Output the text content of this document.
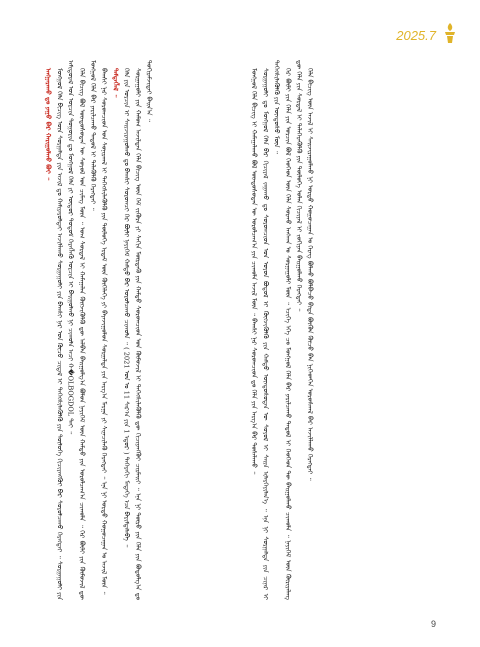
2025.7

ᠠᠩᠭ᠋ᠠᠷᠠᠬᠤ ᠳᠤ ᠶᠠᠭᠤ ᠪᠠᠷ ᠬᠠᠷᠢᠭᠤᠯᠬᠤ ᠪᠤᠢ ᠃ ᠮᠣᠩᠭᠣᠯ ᠬᠡᠯᠡ ᠪᠢᠴᠢᠭ᠌ ᠦᠨ ᠰᠤᠷᠭᠠᠯᠳᠠ ᠶᠢᠨ ᠠᠵᠢᠯ ᠳᠤ ᠬᠠᠮᠢᠶᠠᠷᠤᠯᠲᠠᠢ ᠠᠵᠢᠯᠯᠠᠬᠤ ᠰᠤᠷᠭᠠᠭᠤᠯᠢ ᠶᠢᠨ ᠪᠠᠭᠰᠢ ᠨᠠᠷ ᠤᠨ ᠬᠦᠴᠦ ᠴᠢᠳᠠᠯ ᠢ ᠳᠡᠭᠡᠭᠰᠢᠯᠡᠭᠦᠯᠬᠦ ᠶᠢᠨ ᠲᠥᠯᠥᠭᠡ ᠬᠢᠴᠢᠶᠡᠩᠭᠦᠢ ᠪᠠᠷ ᠰᠤᠷᠤᠯᠴᠠᠬᠤ ᠬᠡᠷᠡᠭᠲᠡᠢ ᠃ ᠰᠤᠷᠭᠠᠭᠤᠯᠢ ᠶᠢᠨ ᠠᠮᠢᠳᠤᠷᠠᠯ ᠤᠨ ᠣᠷᠴᠢᠨ ᠲᠣᠭᠣᠷᠢᠨ ᠳᠤ ᠮᠣᠩᠭᠣᠯ ᠬᠡᠯᠡ ᠶᠢ ᠥᠳᠦᠷ ᠲᠤᠲᠤᠮ ᠬᠡᠷᠡᠭᠯᠡᠬᠦ ᠣᠷᠴᠢᠨ ᠢ ᠪᠠᠢᠭᠤᠯᠬᠤ ᠨᠢ ᠴᠢᠬᠤᠯᠠ ᠠᠴᠢ ᠬ�OLBOGDOL ᠲᠠᠢ ᠃ ᠬᠡᠯᠡ ᠪᠢᠴᠢᠭ᠌ ᠪᠣᠯ ᠦᠨᠳᠦᠰᠦᠲᠡᠨ ᠦ ᠰᠣᠶᠣᠯ ᠤᠨ ᠴᠢᠮᠡᠭ ᠮᠥᠨ ᠃ ᠤᠭ ᠰᠤᠷᠲᠠᠯ ᠢ ᠬᠠᠮᠠᠭᠠᠯᠠᠨ ᠬᠥᠭᠵᠢᠭᠦᠯᠬᠦ ᠳᠦ ᠠᠯᠪᠠᠨ ᠪᠠᠢᠭᠤᠯᠭ᠎ᠠ ᠪᠤᠯᠤᠨ ᠨᠡᠶᠢᠭᠡᠮ ᠦᠨ ᠬᠠᠮᠲᠤ ᠶᠢᠨ ᠣᠷᠤᠯᠴᠠᠭ᠎ᠠ ᠴᠢᠬᠤᠯᠠ ᠃ ᠭᠡᠷ ᠪᠦᠯᠢ ᠶᠢᠨ ᠬᠥᠮᠦᠵᠢᠯ ᠳᠦ ᠮᠣᠩᠭᠣᠯ ᠬᠡᠯᠡ ᠪᠡᠷ ᠶᠠᠷᠢᠯᠴᠠᠬᠤ ᠳᠠᠳᠤᠯ ᠢ ᠲᠡᠯᠡᠭᠦᠯᠬᠦ ᠬᠡᠷᠡᠭᠲᠡᠢ ᠃ ᠪᠠᠭᠰᠢ ᠨᠠᠷ ᠰᠤᠷᠤᠭᠴᠢᠳ ᠤᠨ ᠰᠣᠨᠢᠷᠬᠠᠯ ᠢ ᠳᠡᠭᠡᠭᠰᠢᠯᠡᠭᠦᠯᠬᠦ ᠶᠢᠨ ᠲᠥᠯᠥᠭᠡ ᠡᠷᠳᠡᠮ ᠦᠨ ᠬᠥᠬᠡᠯᠡᠭᠡ ᠶᠢ ᠪᠠᠶᠠᠵᠢᠭᠤᠯᠤᠨ ᠰᠤᠷᠭᠠᠯᠳᠠ ᠶᠢᠨ ᠠᠷᠭ᠎ᠠ ᠮᠠᠷᠭᠠ ᠶᠢ ᠰᠢᠨᠡᠴᠢᠯᠡᠬᠦ ᠬᠡᠷᠡᠭᠲᠡᠢ ᠃ ᠡᠨᠡ ᠨᠢ ᠤᠷᠳᠤ ᠬᠤᠭᠤᠴᠠᠭᠠᠨ ᠤ ᠠᠵᠢᠯ ᠮᠥᠨ ᠃ ᠲᠡᠮᠳᠡᠭᠯᠡᠯ ᠃ ᠬᠡᠯᠡ ᠶᠢᠨ ᠣᠷᠴᠢᠨ ᠢ ᠰᠠᠢᠵᠢᠷᠠᠭᠤᠯᠬᠤ ᠳᠤ ᠪᠠᠭᠰᠢ ᠰᠤᠷᠤᠭᠴᠢ ᠭᠡᠷ ᠪᠦᠯᠢ ᠨᠡᠶᠢᠭᠡᠮ ᠬᠠᠮᠲᠤ ᠪᠠᠷ ᠣᠷᠤᠯᠴᠠᠬᠤ ᠴᠢᠬᠤᠯᠠ ᠃ ( 2021 ᠣᠨ ᠤ 11 ᠰᠠᠷ᠎ᠠ ᠶᠢᠨ 1 ᠡᠳᠦᠷ ) ᠳᠡᠭᠡᠷᠡᠬᠢ ᠮᠡᠳᠡᠭᠡ ᠡᠴᠡ ᠪᠠᠷᠢᠮᠲᠠᠯᠠᠪᠠ ᠃ ᠰᠤᠷᠭᠠᠭᠤᠯᠢ ᠶᠢᠨ ᠬᠠᠮᠤᠭ ᠠᠵᠢᠯᠲᠠᠨ ᠬᠡᠯᠡ ᠪᠢᠴᠢᠭ᠌ ᠦᠨ ᠬᠡᠮ ᠵᠢᠭᠦᠷᠡ ᠶᠢ ᠰᠠᠬᠢᠨ ᠮᠥᠷᠳᠡᠬᠦ ᠶᠢᠨ ᠬᠠᠮᠲᠤ ᠰᠤᠷᠤᠭᠴᠢᠳ ᠤᠨ ᠬᠦᠮᠦᠵᠢᠯ ᠢ ᠳᠡᠭᠡᠭᠰᠢᠯᠡᠭᠦᠯᠬᠦ ᠳᠦ ᠬᠢᠴᠢᠶᠡᠩᠭᠦᠢ ᠴᠢᠷᠮᠠᠢᠢ ᠃ ᠡᠨᠡ ᠨᠢ ᠲᠥᠷᠥ ᠶᠢᠨ ᠬᠡᠯᠡ ᠶᠢᠨ ᠪᠣᠳᠣᠯᠭ᠎ᠠ ᠳᠤ ᠲᠣᠬᠢᠷᠠᠮᠵᠢᠲᠠᠢ ᠪᠠᠢᠨ᠎ᠠ ᠃	ᠮᠣᠩᠭᠣᠯ ᠬᠡᠯᠡ ᠪᠢᠴᠢᠭ᠌ ᠢ ᠬᠠᠮᠠᠭᠠᠯᠠᠬᠤ ᠪᠣᠯ ᠦᠨᠳᠦᠰᠦᠲᠡᠨ ᠦ ᠣᠷᠤᠯᠴᠠᠭ᠎ᠠ ᠶᠢᠨ ᠴᠢᠬᠤᠯᠠ ᠠᠵᠢᠯ ᠮᠥᠨ ᠃ ᠪᠠᠭᠰᠢ ᠨᠠᠷ ᠰᠤᠷᠤᠭᠴᠢᠳ ᠳᠤ ᠬᠡᠯᠡ ᠶᠢᠨ ᠠᠷᠭ᠎ᠠ ᠪᠠᠷ ᠲᠤᠰᠠᠯᠠᠬᠤ ᠃ ᠰᠤᠷᠭᠠᠭᠤᠯᠢ ᠳᠤ ᠮᠣᠩᠭᠣᠯ ᠬᠡᠯᠡ ᠪᠡᠷ ᠬᠢᠴᠢᠶᠡᠯ ᠵᠠᠭᠠᠬᠤ ᠳᠤ ᠰᠤᠷᠤᠭᠴᠢᠳ ᠤᠨ ᠤᠶᠤᠨ ᠪᠣᠳᠤᠯ ᠢ ᠬᠥᠭᠵᠢᠭᠦᠯᠬᠦ ᠶᠢᠨ ᠬᠠᠮᠲᠤ ᠦᠨᠳᠦᠰᠦᠲᠡᠨ ᠦ ᠰᠣᠶᠣᠯ ᠢ ᠰᠠᠢᠨ ᠢᠯᠡᠷᠬᠡᠶᠢᠯᠡᠨ᠎ᠡ ᠃ ᠡᠨᠡ ᠨᠢ ᠰᠤᠷᠭᠠᠯᠳᠠ ᠶᠢᠨ ᠴᠢᠨᠠᠷ ᠢ ᠳᠡᠭᠡᠭᠰᠢᠯᠡᠭᠦᠯᠬᠦ ᠶᠢᠨ ᠦᠨᠳᠦᠰᠦ ᠮᠥᠨ ᠃ ᠭᠡᠷ ᠪᠦᠯᠢ ᠶᠢᠨ ᠬᠡᠯᠡ ᠶᠢᠨ ᠣᠷᠴᠢᠨ ᠪᠣᠯ ᠬᠡᠦᠬᠡᠳ ᠦᠨ ᠬᠡᠯᠡ ᠰᠤᠷᠬᠤ ᠠᠩᠬᠠᠨ ᠤ ᠰᠤᠷᠭᠠᠭᠤᠯᠢ ᠮᠥᠨ ᠃ ᠡᠴᠢᠭᠡ ᠡᠬᠡ ᠴᠤ ᠮᠣᠩᠭᠣᠯ ᠬᠡᠯᠡ ᠪᠡᠷ ᠶᠠᠷᠢᠯᠴᠠᠬᠤ ᠳᠠᠳᠤᠯ ᠢ ᠬᠡᠦᠬᠡᠳ ᠲᠦ ᠪᠠᠢᠭᠤᠯᠬᠤ ᠴᠢᠬᠤᠯᠠ ᠃ ᠨᠡᠶᠢᠭᠡᠮ ᠦᠨ ᠬᠦᠷᠢᠶᠡᠯᠡᠩ ᠳᠦ ᠬᠡᠯᠡ ᠶᠢᠨ ᠰᠤᠷᠲᠠᠯ ᠢ ᠳᠡᠯᠡᠭᠡᠷᠡᠭᠦᠯᠬᠦ ᠶᠢᠨ ᠲᠥᠯᠥᠭᠡ ᠣᠯᠠᠨ ᠬᠢᠴᠢᠶᠡᠯ ᠢ ᠵᠣᠬᠢᠶᠠᠨ ᠪᠠᠢᠭᠤᠯᠬᠤ ᠬᠡᠷᠡᠭᠲᠡᠢ ᠃ ᠬᠡᠯᠡ ᠪᠢᠴᠢᠭ᠌ ᠦᠨ ᠠᠵᠢᠯ ᠢ ᠰᠠᠢᠵᠢᠷᠠᠭᠤᠯᠬᠤ ᠨᠢ ᠤᠷᠳᠤ ᠬᠤᠭᠤᠴᠠᠭᠠᠨ ᠤ ᠬᠡᠷᠡᠭ ᠪᠣᠯᠬᠤ ᠪᠣᠯᠪᠠᠴᠤ ᠪᠢᠳᠡ ᠪᠦᠬᠦᠨ ᠬᠦᠴᠦ ᠪᠡᠨ ᠨᠢᠭᠡᠳᠬᠡᠨ ᠤᠷᠤᠰᠬᠠᠯ ᠪᠠᠷ ᠠᠵᠢᠯᠯᠠᠬᠤ ᠬᠡᠷᠡᠭᠲᠡᠢ ᠃

9
